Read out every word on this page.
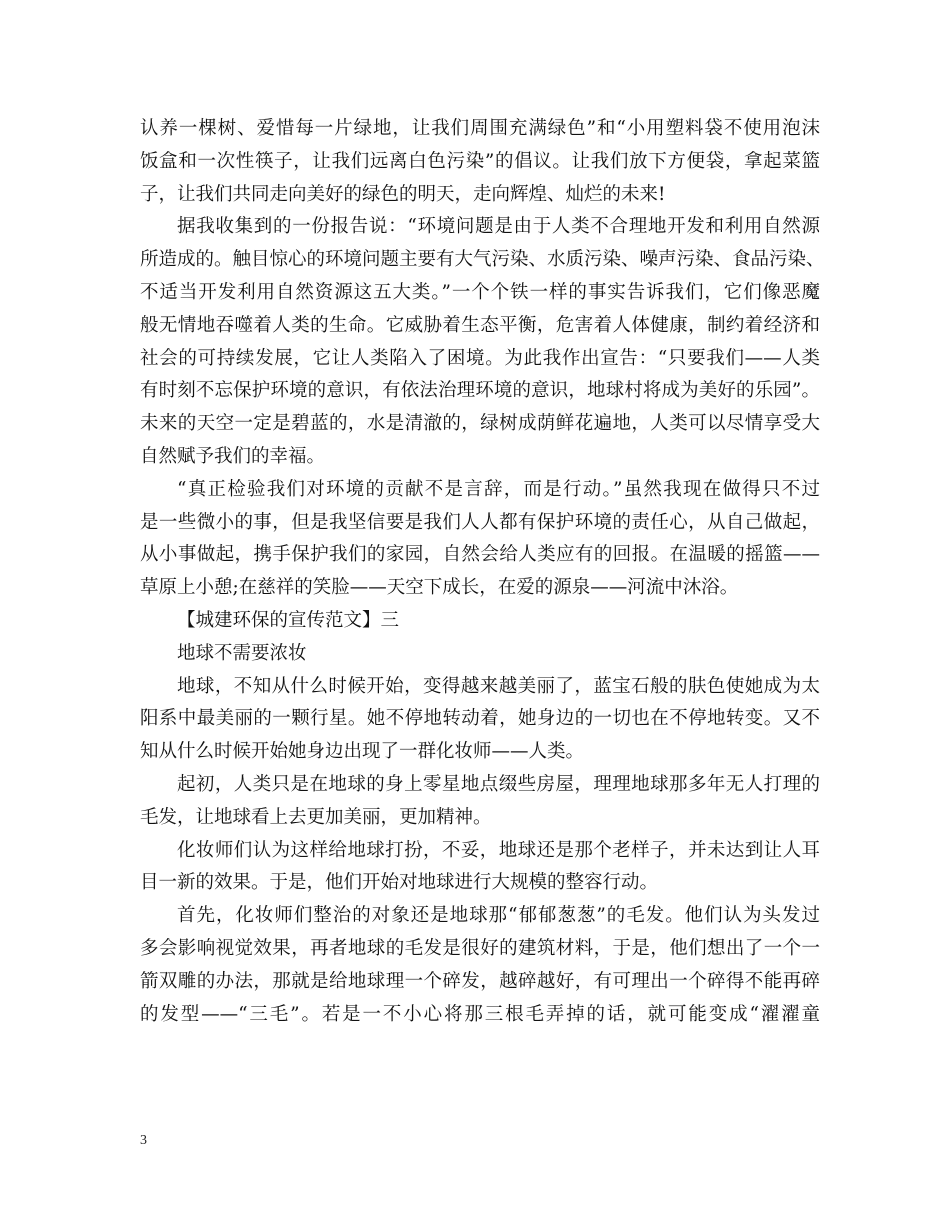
认养一棵树、爱惜每一片绿地，让我们周围充满绿色”和“小用塑料袋不使用泡沫
饭盒和一次性筷子，让我们远离白色污染”的倡议。让我们放下方便袋，拿起菜篮
子，让我们共同走向美好的绿色的明天，走向辉煌、灿烂的未来!
据我收集到的一份报告说：“环境问题是由于人类不合理地开发和利用自然源
所造成的。触目惊心的环境问题主要有大气污染、水质污染、噪声污染、食品污染、
不适当开发利用自然资源这五大类。”一个个铁一样的事实告诉我们，它们像恶魔
般无情地吞噬着人类的生命。它威胁着生态平衡，危害着人体健康，制约着经济和
社会的可持续发展，它让人类陷入了困境。为此我作出宣告：“只要我们——人类
有时刻不忘保护环境的意识，有依法治理环境的意识，地球村将成为美好的乐园”。
未来的天空一定是碧蓝的，水是清澈的，绿树成荫鲜花遍地，人类可以尽情享受大
自然赋予我们的幸福。
“真正检验我们对环境的贡献不是言辞，而是行动。”虽然我现在做得只不过
是一些微小的事，但是我坚信要是我们人人都有保护环境的责任心，从自己做起，
从小事做起，携手保护我们的家园，自然会给人类应有的回报。在温暖的摇篮——
草原上小憩;在慈祥的笑脸——天空下成长，在爱的源泉——河流中沐浴。
【城建环保的宣传范文】三
地球不需要浓妆
地球，不知从什么时候开始，变得越来越美丽了，蓝宝石般的肤色使她成为太
阳系中最美丽的一颗行星。她不停地转动着，她身边的一切也在不停地转变。又不
知从什么时候开始她身边出现了一群化妆师——人类。
起初，人类只是在地球的身上零星地点缀些房屋，理理地球那多年无人打理的
毛发，让地球看上去更加美丽，更加精神。
化妆师们认为这样给地球打扮，不妥，地球还是那个老样子，并未达到让人耳
目一新的效果。于是，他们开始对地球进行大规模的整容行动。
首先，化妆师们整治的对象还是地球那“郁郁葱葱”的毛发。他们认为头发过
多会影响视觉效果，再者地球的毛发是很好的建筑材料，于是，他们想出了一个一
箭双雕的办法，那就是给地球理一个碎发，越碎越好，有可理出一个碎得不能再碎
的发型——“三毛”。若是一不小心将那三根毛弄掉的话，就可能变成“濯濯童
3
